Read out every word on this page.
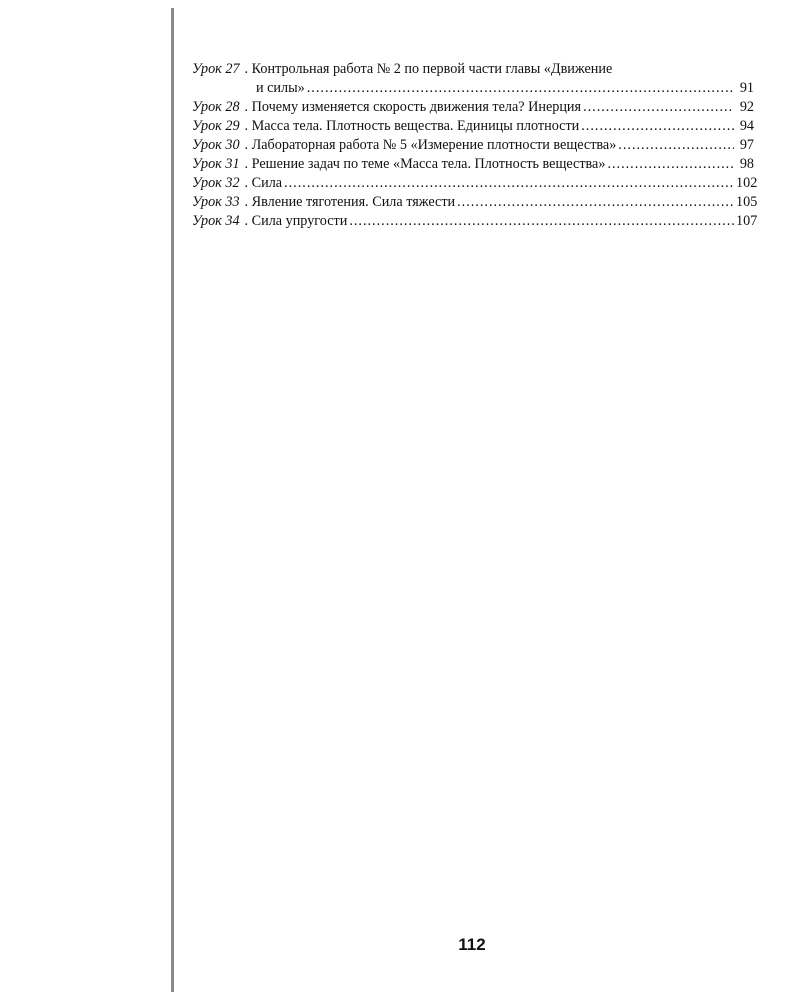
Урок 27 . Контрольная работа № 2 по первой части главы «Движение
и силы» .....	91
Урок 28 . Почему изменяется скорость движения тела? Инерция .....	92
Урок 29 . Масса тела. Плотность вещества. Единицы плотности .....	94
Урок 30 . Лабораторная работа № 5 «Измерение плотности вещества» .....	97
Урок 31 . Решение задач по теме «Масса тела. Плотность вещества» .....	98
Урок 32 . Сила .....	102
Урок 33 . Явление тяготения. Сила тяжести .....	105
Урок 34 . Сила упругости .....	107
112
